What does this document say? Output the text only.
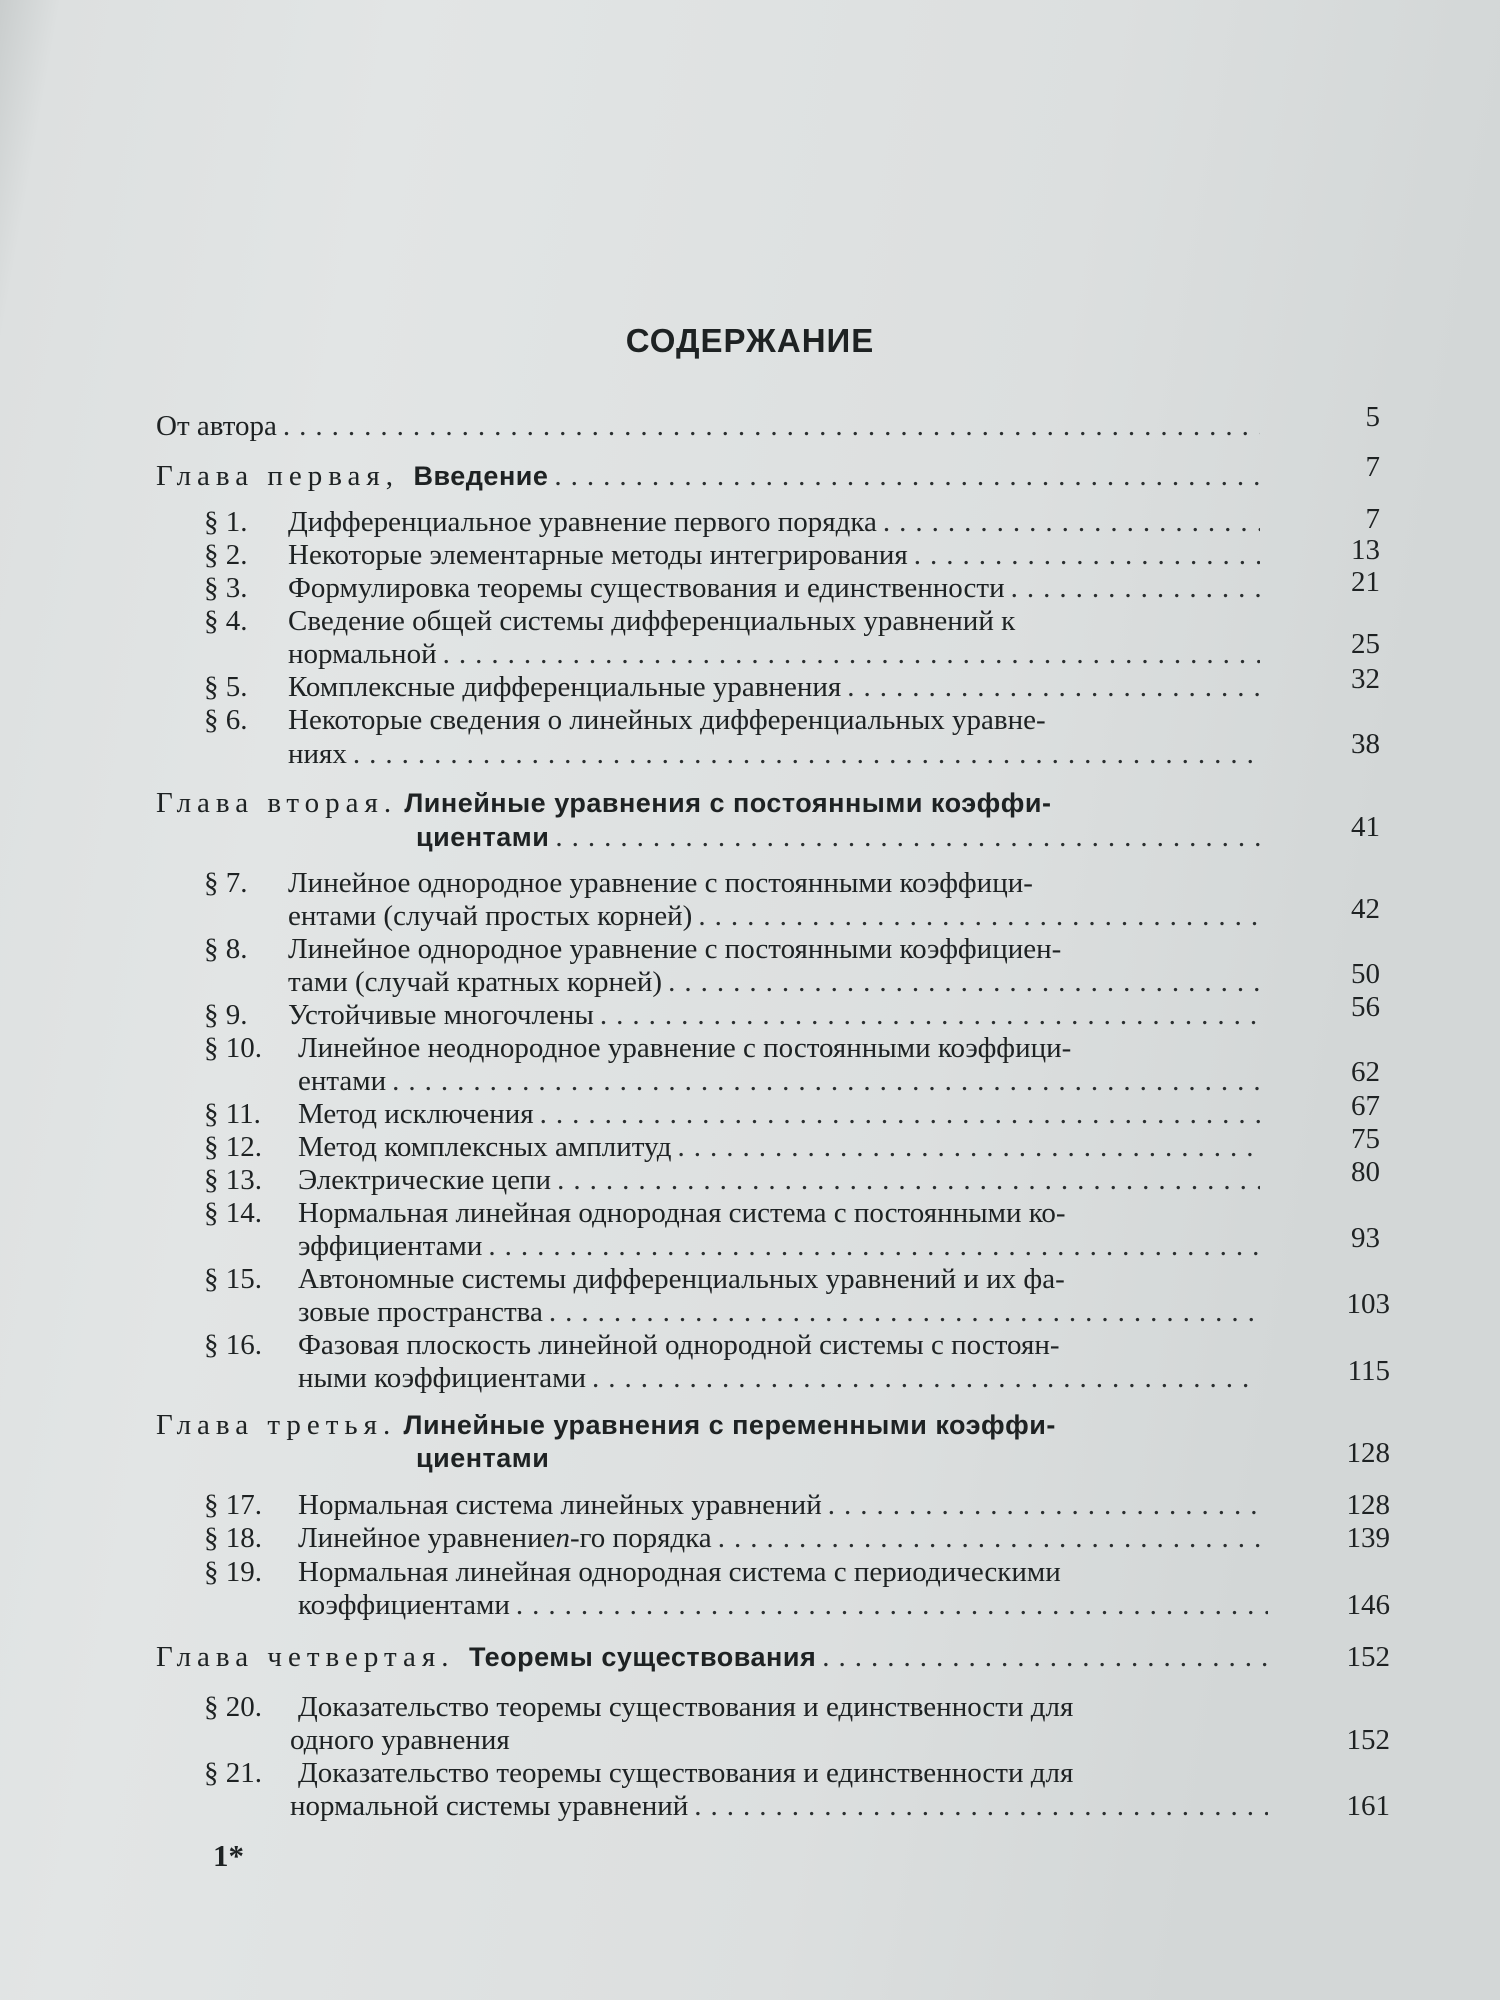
СОДЕРЖАНИЕ
От автора .....	5
Глава первая,
Введение .....	7
§ 1.	Дифференциальное уравнение первого порядка .....	7
§ 2.	Некоторые элементарные методы интегрирования .....	13
§ 3.	Формулировка теоремы существования и единственности .....	21
§ 4. Сведение общей системы дифференциальных уравнений к
нормальной .....	25
§ 5.	Комплексные дифференциальные уравнения .....	32
§ 6. Некоторые сведения о линейных дифференциальных уравне-
ниях .....	38
Глава вторая. Линейные уравнения с постоянными коэффи-
циентами .....	41
§ 7. Линейное однородное уравнение с постоянными коэффици-
ентами (случай простых корней) .....	42
§ 8. Линейное однородное уравнение с постоянными коэффициен-
тами (случай кратных корней) .....	50
§ 9.	Устойчивые многочлены .....	56
§ 10. Линейное неоднородное уравнение с постоянными коэффици-
ентами .....	62
§ 11.	Метод исключения .....	67
§ 12.	Метод комплексных амплитуд .....	75
§ 13.	Электрические цепи .....	80
§ 14. Нормальная линейная однородная система с постоянными ко-
эффициентами .....	93
§ 15. Автономные системы дифференциальных уравнений и их фа-
зовые пространства .....	103
§ 16. Фазовая плоскость линейной однородной системы с постоян-
ными коэффициентами .....	115
Глава третья. Линейные уравнения с переменными коэффи-
циентами	128
§ 17.	Нормальная система линейных уравнений .....	128
§ 18.	Линейное уравнение n -го порядка .....	139
§ 19. Нормальная линейная однородная система с периодическими
коэффициентами .....	146
Глава четвертая.
Теоремы существования .....	152
§ 20. Доказательство теоремы существования и единственности для
одного уравнения	152
§ 21. Доказательство теоремы существования и единственности для
нормальной системы уравнений .....	161
1*
